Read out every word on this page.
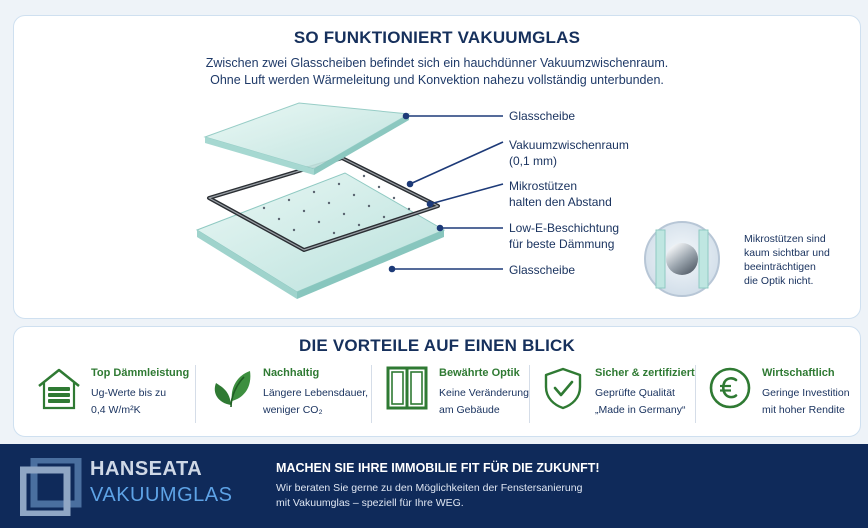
SO FUNKTIONIERT VAKUUMGLAS
Zwischen zwei Glasscheiben befindet sich ein hauchdünner Vakuumzwischenraum.
Ohne Luft werden Wärmeleitung und Konvektion nahezu vollständig unterbunden.
Glasscheibe
Vakuumzwischenraum
(0,1 mm)
Mikrostützen
halten den Abstand
Low-E-Beschichtung
für beste Dämmung
Glasscheibe
Mikrostützen sind
kaum sichtbar und
beeinträchtigen
die Optik nicht.
DIE VORTEILE AUF EINEN BLICK
Top Dämmleistung
Ug-Werte bis zu
0,4 W/m²K
Nachhaltig
Längere Lebensdauer,
weniger CO₂
Bewährte Optik
Keine Veränderung
am Gebäude
Sicher & zertifiziert
Geprüfte Qualität
„Made in Germany“
Wirtschaftlich
Geringe Investition
mit hoher Rendite
HANSEATA
VAKUUMGLAS
MACHEN SIE IHRE IMMOBILIE FIT FÜR DIE ZUKUNFT!
Wir beraten Sie gerne zu den Möglichkeiten der Fenstersanierung
mit Vakuumglas – speziell für Ihre WEG.
